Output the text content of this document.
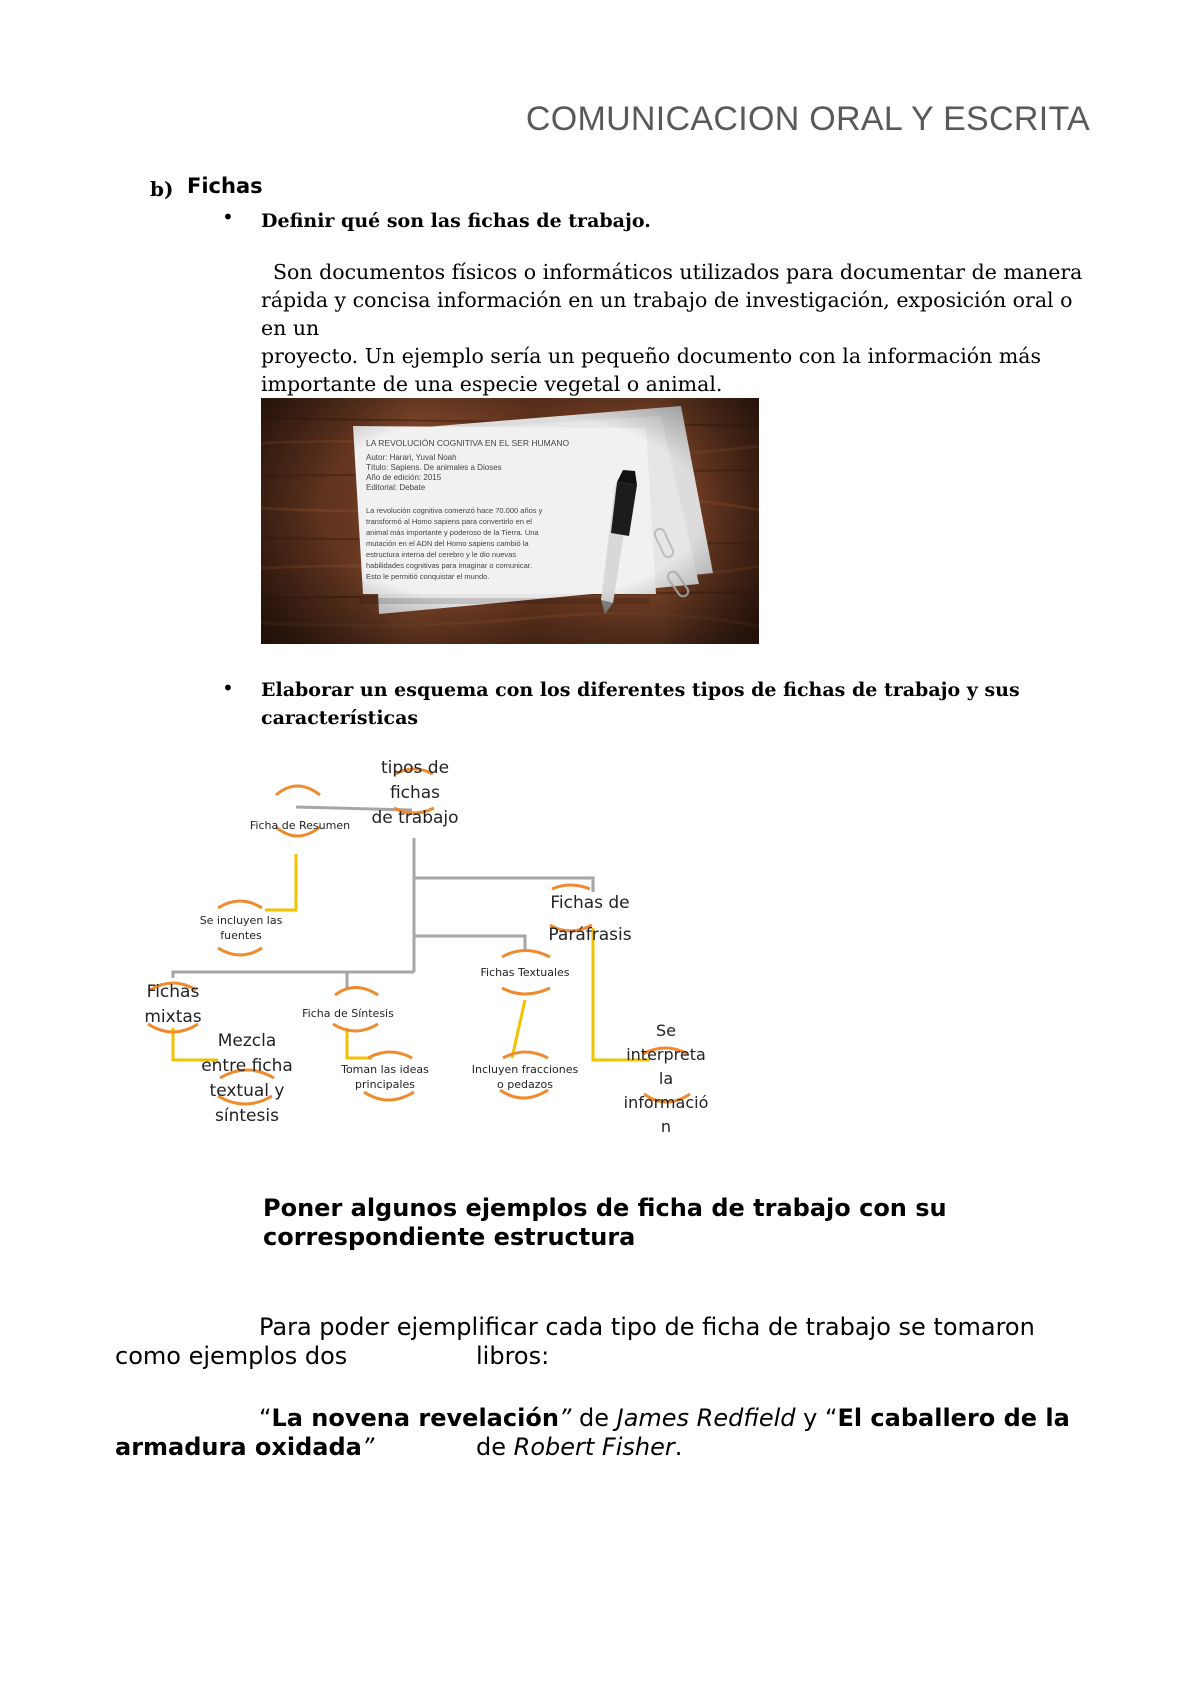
COMUNICACION ORAL Y ESCRITA
b) Fichas
• Definir qué son las fichas de trabajo.
Son documentos físicos o informáticos utilizados para documentar de manera
rápida y concisa información en un trabajo de investigación, exposición oral o en un
proyecto. Un ejemplo sería un pequeño documento con la información más
importante de una especie vegetal o animal.
• Elaborar un esquema con los diferentes tipos de fichas de trabajo y sus
características
tipos de
fichas
de trabajo
Ficha de Resumen
Se incluyen las
fuentes
Fichas de
Paráfrasis
Se
interpreta
la
informació
n
Fichas Textuales
Incluyen fracciones
o pedazos
Ficha de Síntesis
Toman las ideas
principales
Fichas
mixtas
Mezcla
entre ficha
textual y
síntesis
Poner algunos ejemplos de ficha de trabajo con su
correspondiente estructura
Para poder ejemplificar cada tipo de ficha de trabajo se tomaron
como ejemplos dos	libros:
“La novena revelación” de James Redfield y “El caballero de la
armadura oxidada”	de Robert Fisher.
